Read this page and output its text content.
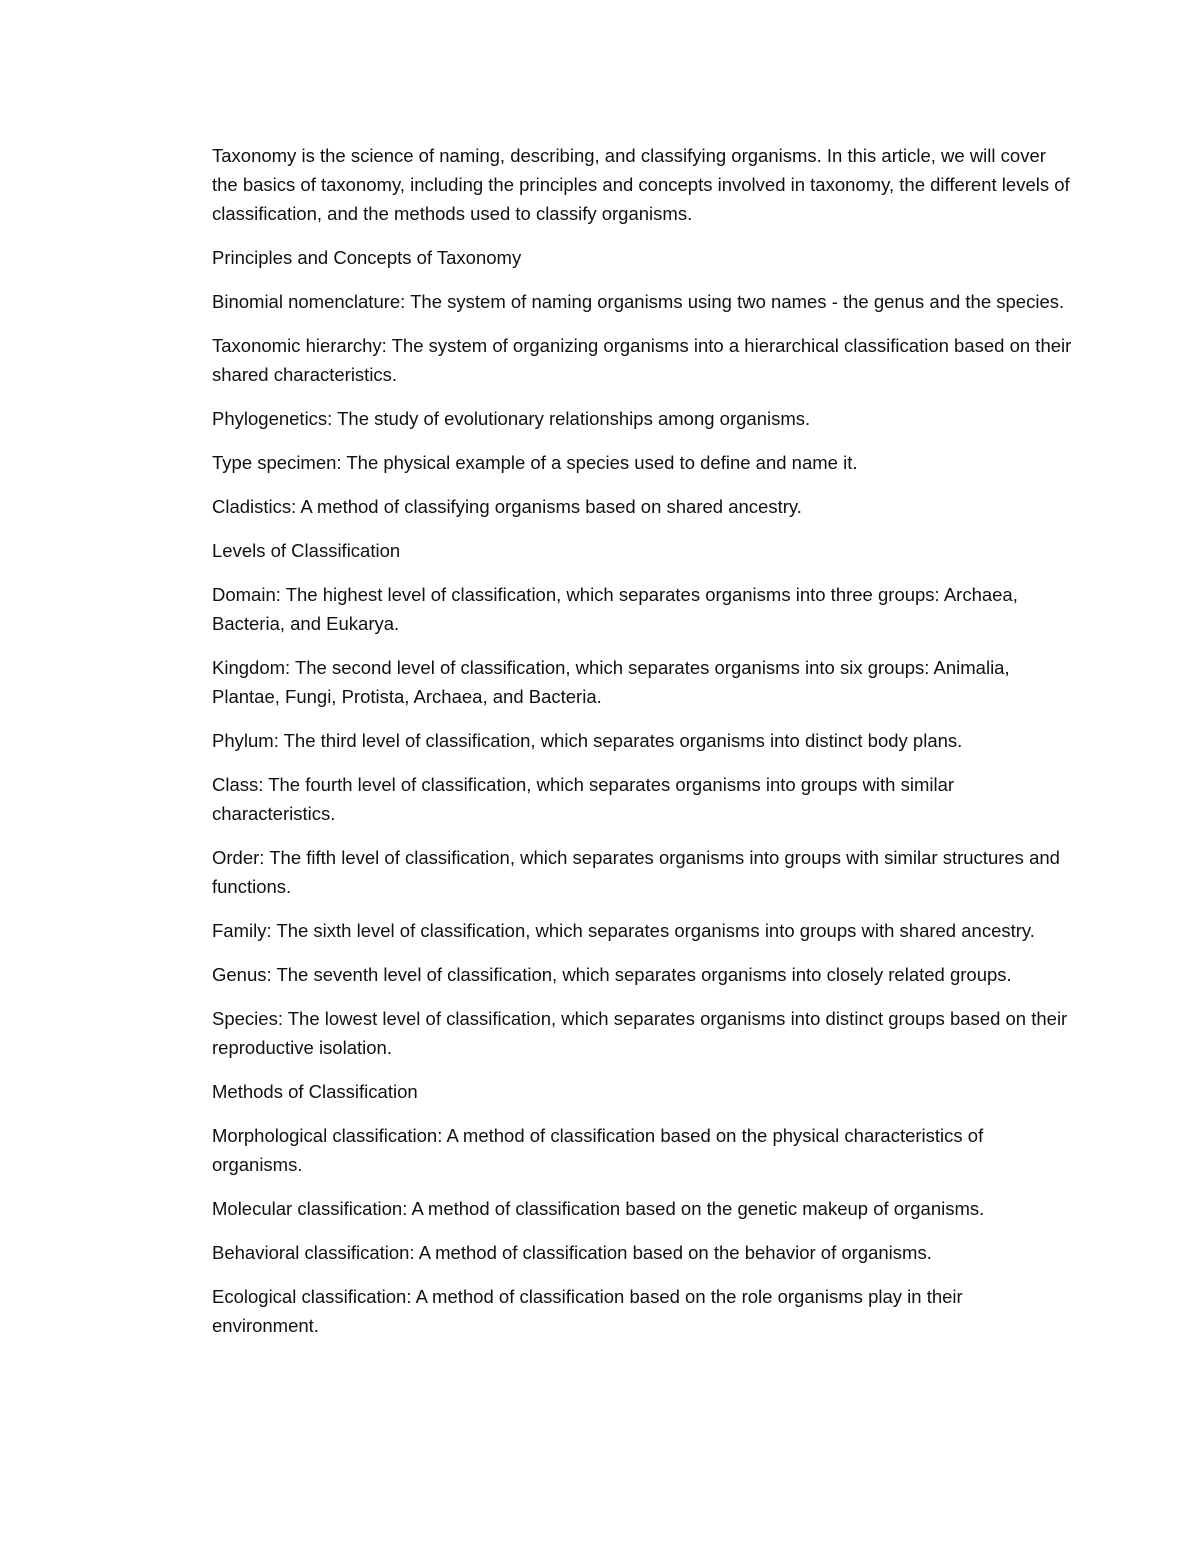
Taxonomy is the science of naming, describing, and classifying organisms. In this article, we will cover the basics of taxonomy, including the principles and concepts involved in taxonomy, the different levels of classification, and the methods used to classify organisms.

Principles and Concepts of Taxonomy

Binomial nomenclature: The system of naming organisms using two names - the genus and the species.

Taxonomic hierarchy: The system of organizing organisms into a hierarchical classification based on their shared characteristics.

Phylogenetics: The study of evolutionary relationships among organisms.

Type specimen: The physical example of a species used to define and name it.

Cladistics: A method of classifying organisms based on shared ancestry.

Levels of Classification

Domain: The highest level of classification, which separates organisms into three groups: Archaea, Bacteria, and Eukarya.

Kingdom: The second level of classification, which separates organisms into six groups: Animalia, Plantae, Fungi, Protista, Archaea, and Bacteria.

Phylum: The third level of classification, which separates organisms into distinct body plans.

Class: The fourth level of classification, which separates organisms into groups with similar characteristics.

Order: The fifth level of classification, which separates organisms into groups with similar structures and functions.

Family: The sixth level of classification, which separates organisms into groups with shared ancestry.

Genus: The seventh level of classification, which separates organisms into closely related groups.

Species: The lowest level of classification, which separates organisms into distinct groups based on their reproductive isolation.

Methods of Classification

Morphological classification: A method of classification based on the physical characteristics of organisms.

Molecular classification: A method of classification based on the genetic makeup of organisms.

Behavioral classification: A method of classification based on the behavior of organisms.

Ecological classification: A method of classification based on the role organisms play in their environment.
